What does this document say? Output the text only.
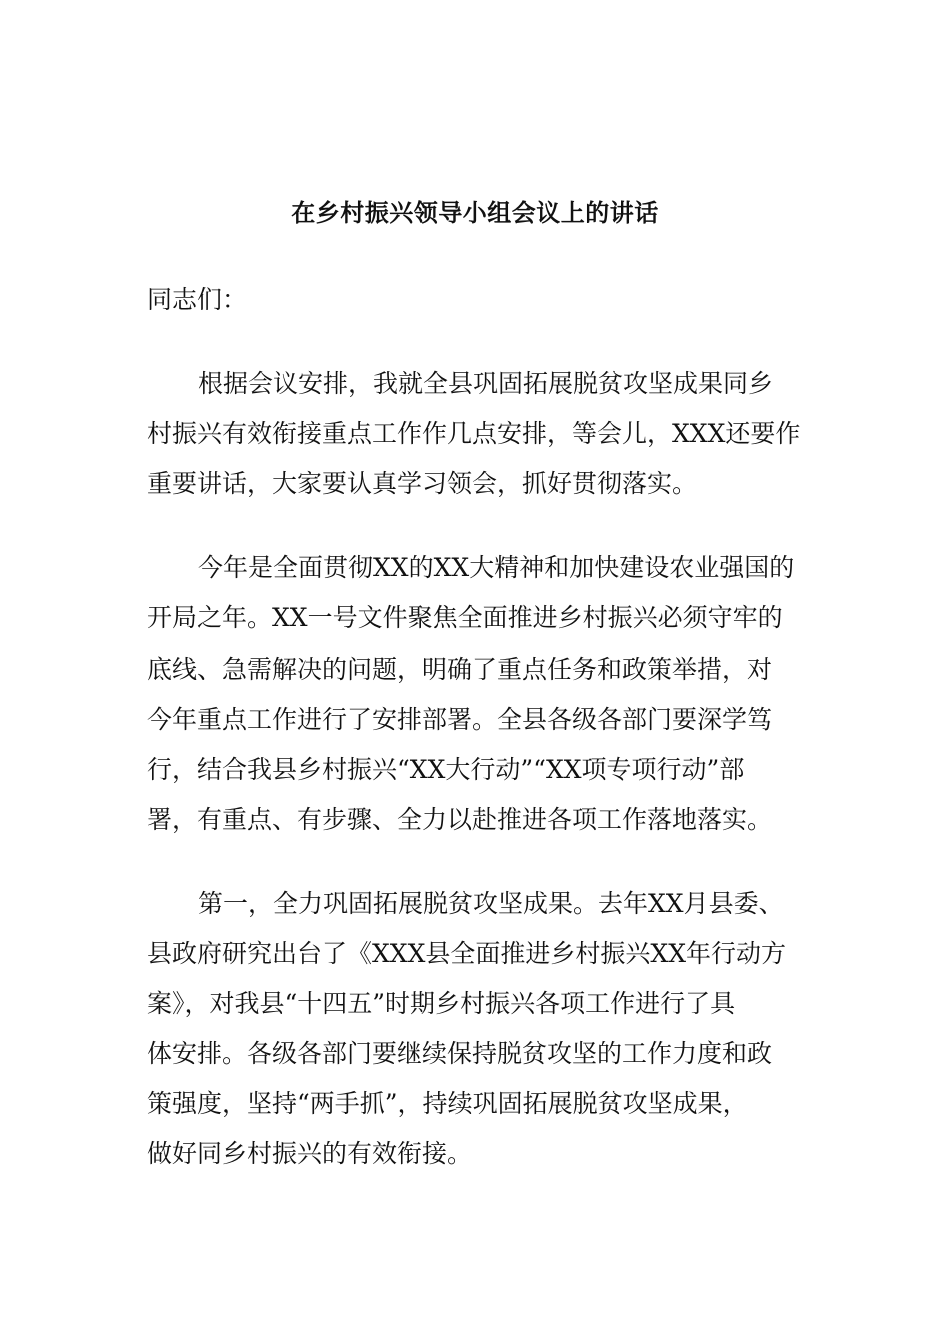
在乡村振兴领导小组会议上的讲话

同志们：

根据会议安排，我就全县巩固拓展脱贫攻坚成果同乡

村振兴有效衔接重点工作作几点安排，等会儿，XXX还要作

重要讲话，大家要认真学习领会，抓好贯彻落实。

今年是全面贯彻XX的XX大精神和加快建设农业强国的

开局之年。XX一号文件聚焦全面推进乡村振兴必须守牢的

底线、急需解决的问题，明确了重点任务和政策举措，对

今年重点工作进行了安排部署。全县各级各部门要深学笃

行，结合我县乡村振兴“XX大行动”“XX项专项行动”部

署，有重点、有步骤、全力以赴推进各项工作落地落实。

第一，全力巩固拓展脱贫攻坚成果。去年XX月县委、

县政府研究出台了《XXX县全面推进乡村振兴XX年行动方

案》，对我县“十四五”时期乡村振兴各项工作进行了具

体安排。各级各部门要继续保持脱贫攻坚的工作力度和政

策强度，坚持“两手抓”，持续巩固拓展脱贫攻坚成果，

做好同乡村振兴的有效衔接。
